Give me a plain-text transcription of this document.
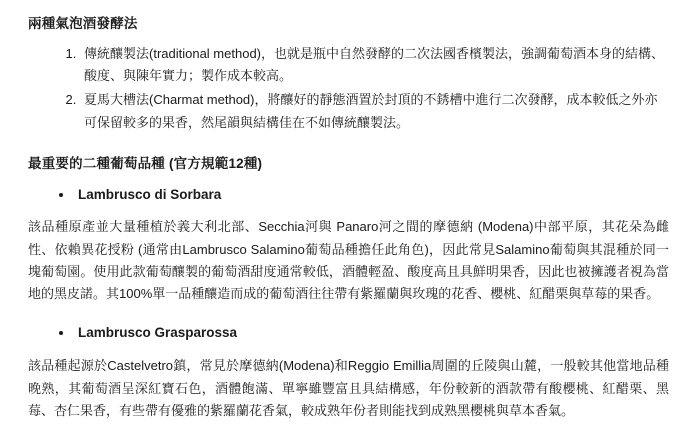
兩種氣泡酒發酵法
1. 傳統釀製法(traditional method)，也就是瓶中自然發酵的二次法國香檳製法，強調葡萄酒本身的結構、酸度、與陳年實力；製作成本較高。
2. 夏馬大槽法(Charmat method)，將釀好的靜態酒置於封頂的不銹槽中進行二次發酵，成本較低之外亦可保留較多的果香，然尾韻與結構佳在不如傳統釀製法。
最重要的二種葡萄品種 (官方規範12種)
• Lambrusco di Sorbara

該品種原產並大量種植於義大利北部、Secchia河與 Panaro河之間的摩德納 (Modena)中部平原，其花朵為雌性、依賴異花授粉 (通常由Lambrusco Salamino葡萄品種擔任此角色)，因此常見Salamino葡萄與其混種於同一塊葡萄園。使用此款葡萄釀製的葡萄酒甜度通常較低，酒體輕盈、酸度高且具鮮明果香，因此也被擁護者視為當地的黑皮諾。其100%單一品種釀造而成的葡萄酒往往帶有紫羅蘭與玫瑰的花香、櫻桃、紅醋栗與草莓的果香。

• Lambrusco Grasparossa

該品種起源於Castelvetro鎮，常見於摩德納(Modena)和Reggio Emillia周圍的丘陵與山麓，一般較其他當地品種晚熟，其葡萄酒呈深紅寶石色，酒體飽滿、單寧雖豐富且具結構感，年份較新的酒款帶有酸櫻桃、紅醋栗、黑莓、杏仁果香，有些帶有優雅的紫羅蘭花香氣，較成熟年份者則能找到成熟黑櫻桃與草本香氣。
